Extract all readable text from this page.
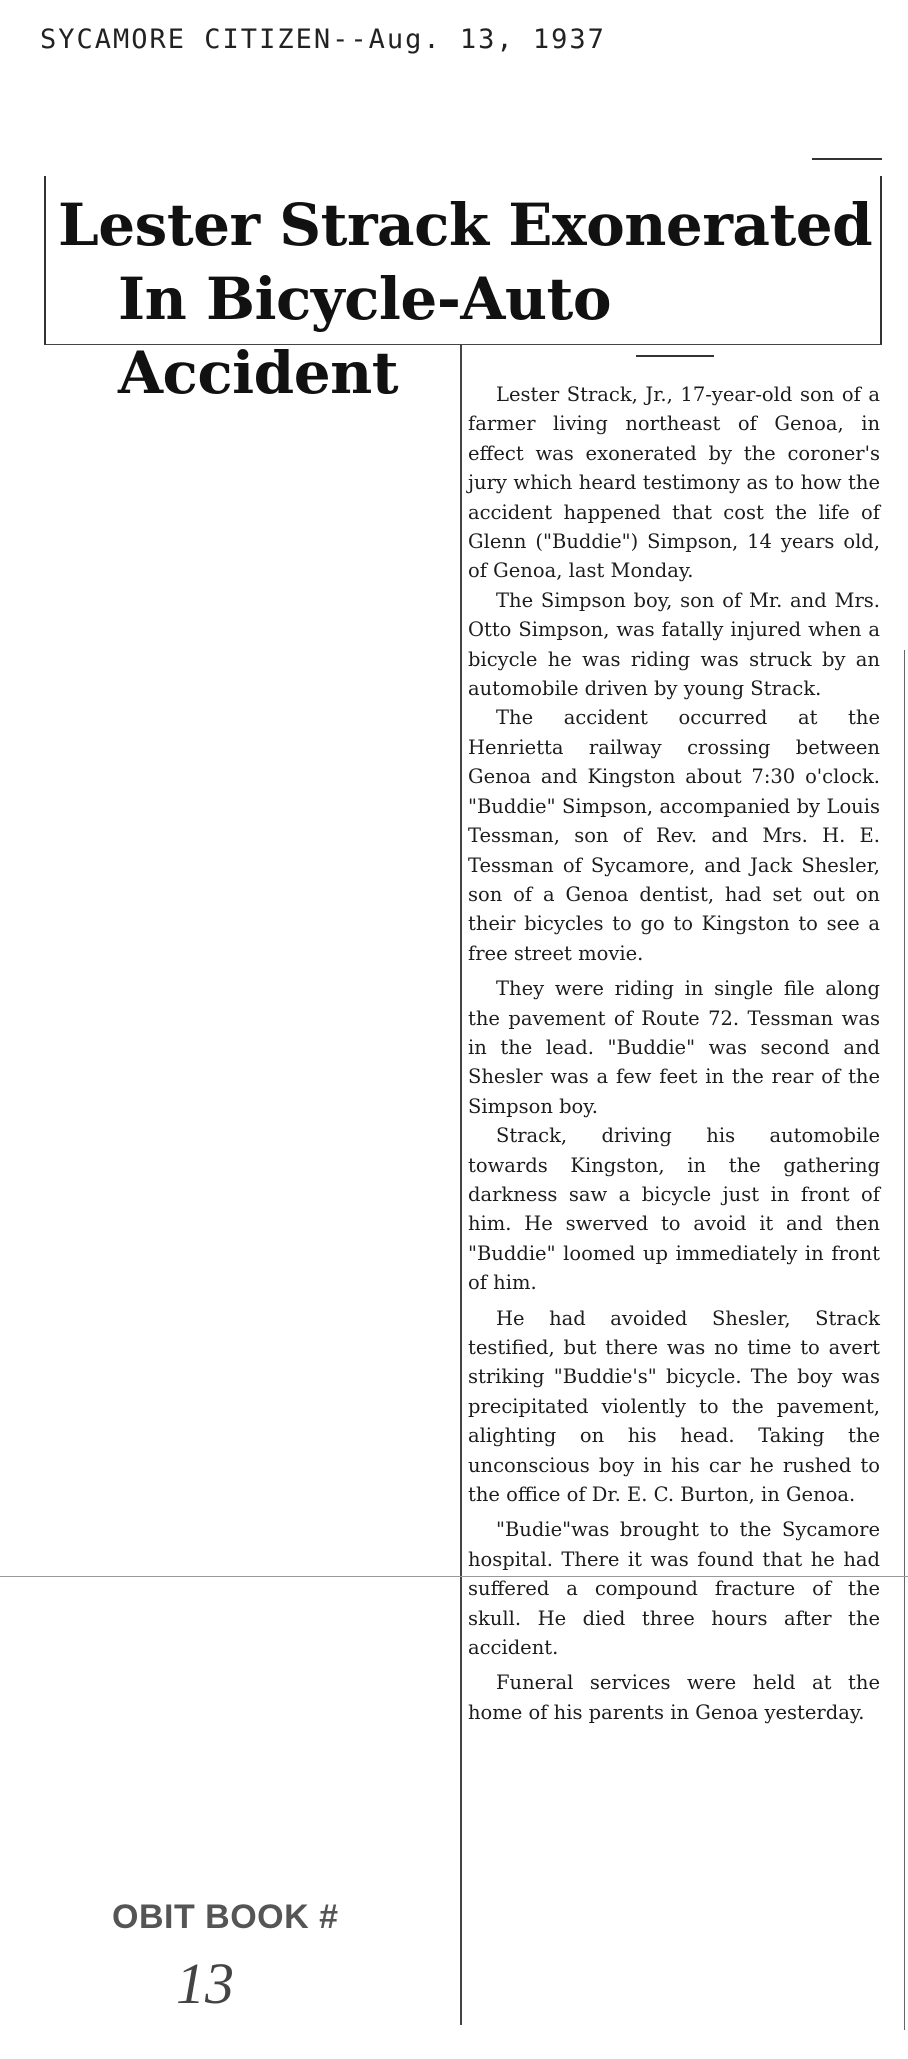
SYCAMORE CITIZEN--Aug. 13, 1937
Lester Strack Exonerated
In Bicycle-Auto Accident	Lester Strack, Jr., 17-year-old son of a farmer living northeast of Genoa, in effect was exonerated by the coroner's jury which heard testimony as to how the accident happened that cost the life of Glenn ("Buddie") Simpson, 14 years old, of Genoa, last Monday.

The Simpson boy, son of Mr. and Mrs. Otto Simpson, was fatally injured when a bicycle he was riding was struck by an automobile driven by young Strack.

The accident occurred at the Henrietta railway crossing between Genoa and Kingston about 7:30 o'clock. "Buddie" Simpson, accompanied by Louis Tessman, son of Rev. and Mrs. H. E. Tessman of Sycamore, and Jack Shesler, son of a Genoa dentist, had set out on their bicycles to go to Kingston to see a free street movie.

They were riding in single file along the pavement of Route 72. Tessman was in the lead. "Buddie" was second and Shesler was a few feet in the rear of the Simpson boy.

Strack, driving his automobile towards Kingston, in the gathering darkness saw a bicycle just in front of him. He swerved to avoid it and then "Buddie" loomed up immediately in front of him.

He had avoided Shesler, Strack testified, but there was no time to avert striking "Buddie's" bicycle. The boy was precipitated violently to the pavement, alighting on his head. Taking the unconscious boy in his car he rushed to the office of Dr. E. C. Burton, in Genoa.

"Budie"was brought to the Sycamore hospital. There it was found that he had suffered a compound fracture of the skull. He died three hours after the accident.

Funeral services were held at the home of his parents in Genoa yesterday.

OBIT BOOK #
13
